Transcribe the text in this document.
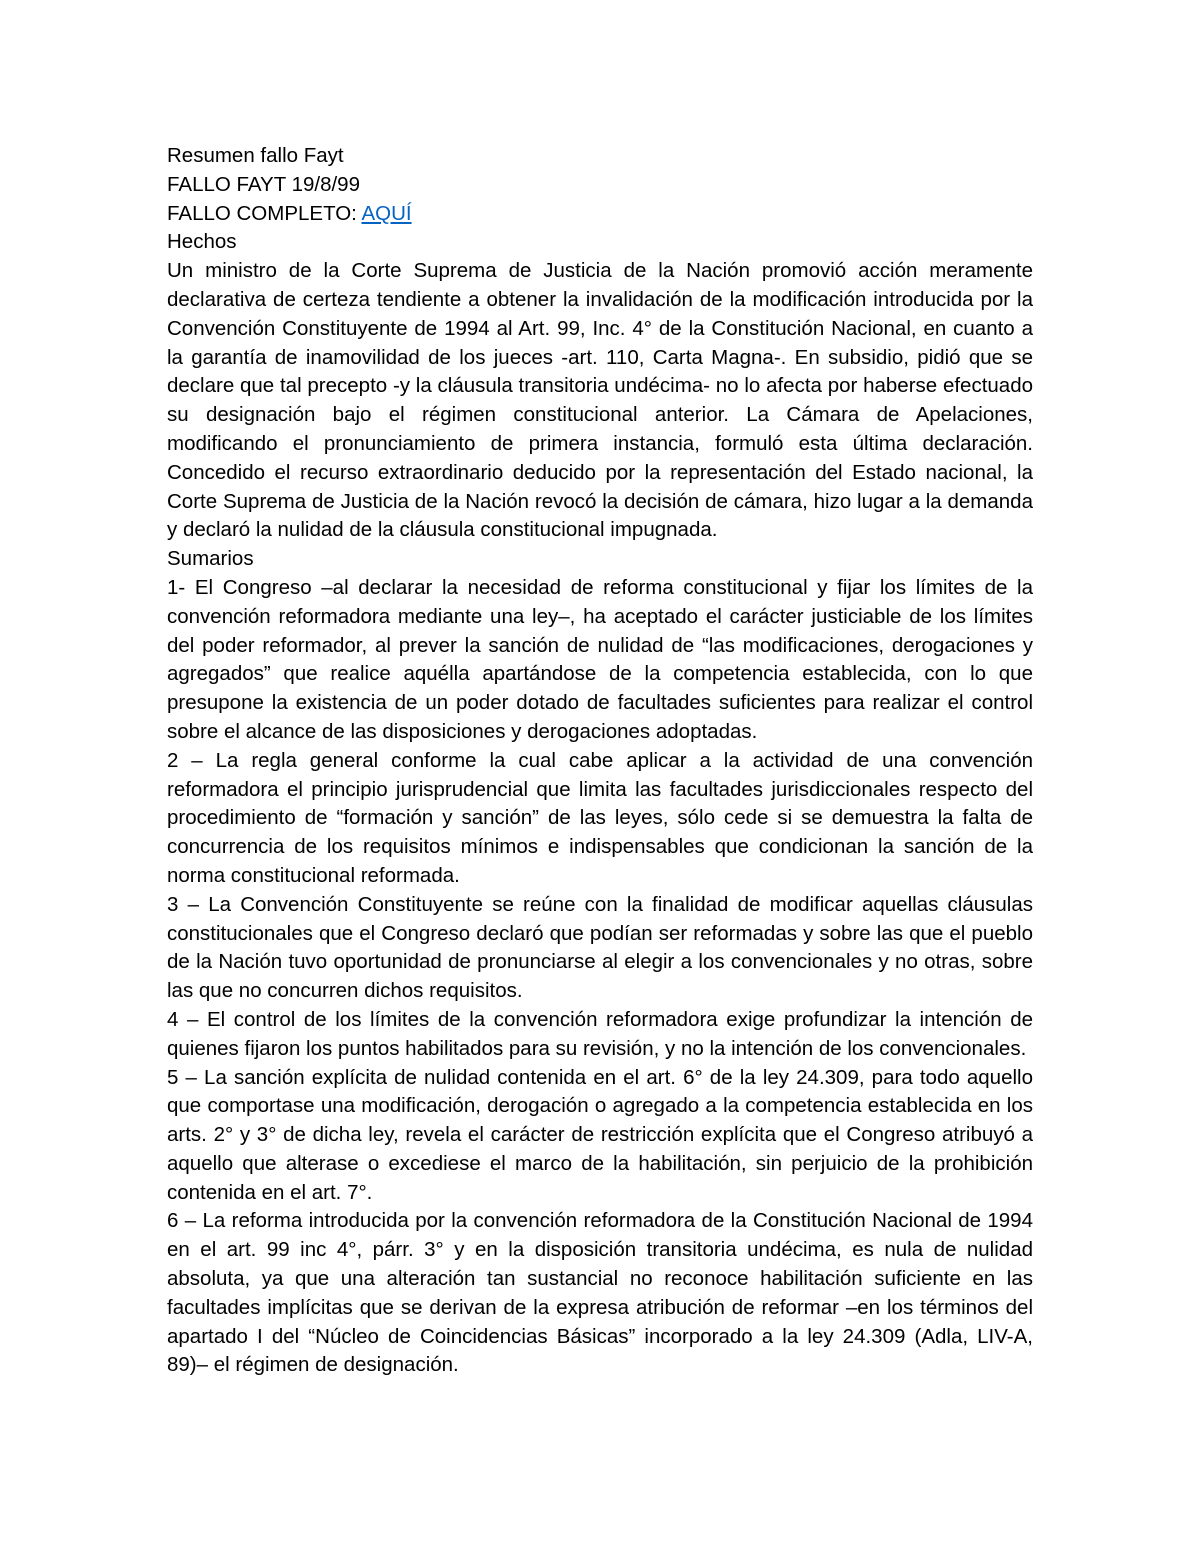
Resumen fallo Fayt

FALLO FAYT 19/8/99

FALLO COMPLETO: AQUÍ

Hechos

Un ministro de la Corte Suprema de Justicia de la Nación promovió acción meramente declarativa de certeza tendiente a obtener la invalidación de la modificación introducida por la Convención Constituyente de 1994 al Art. 99, Inc. 4° de la Constitución Nacional, en cuanto a la garantía de inamovilidad de los jueces -art. 110, Carta Magna-. En subsidio, pidió que se declare que tal precepto -y la cláusula transitoria undécima- no lo afecta por haberse efectuado su designación bajo el régimen constitucional anterior. La Cámara de Apelaciones, modificando el pronunciamiento de primera instancia, formuló esta última declaración. Concedido el recurso extraordinario deducido por la representación del Estado nacional, la Corte Suprema de Justicia de la Nación revocó la decisión de cámara, hizo lugar a la demanda y declaró la nulidad de la cláusula constitucional impugnada.

Sumarios

1- El Congreso –al declarar la necesidad de reforma constitucional y fijar los límites de la convención reformadora mediante una ley–, ha aceptado el carácter justiciable de los límites del poder reformador, al prever la sanción de nulidad de “las modificaciones, derogaciones y agregados” que realice aquélla apartándose de la competencia establecida, con lo que presupone la existencia de un poder dotado de facultades suficientes para realizar el control sobre el alcance de las disposiciones y derogaciones adoptadas.

2 – La regla general conforme la cual cabe aplicar a la actividad de una convención reformadora el principio jurisprudencial que limita las facultades jurisdiccionales respecto del procedimiento de “formación y sanción” de las leyes, sólo cede si se demuestra la falta de concurrencia de los requisitos mínimos e indispensables que condicionan la sanción de la norma constitucional reformada.

3 – La Convención Constituyente se reúne con la finalidad de modificar aquellas cláusulas constitucionales que el Congreso declaró que podían ser reformadas y sobre las que el pueblo de la Nación tuvo oportunidad de pronunciarse al elegir a los convencionales y no otras, sobre las que no concurren dichos requisitos.

4 – El control de los límites de la convención reformadora exige profundizar la intención de quienes fijaron los puntos habilitados para su revisión, y no la intención de los convencionales.

5 – La sanción explícita de nulidad contenida en el art. 6° de la ley 24.309, para todo aquello que comportase una modificación, derogación o agregado a la competencia establecida en los arts. 2° y 3° de dicha ley, revela el carácter de restricción explícita que el Congreso atribuyó a aquello que alterase o excediese el marco de la habilitación, sin perjuicio de la prohibición contenida en el art. 7°.

6 – La reforma introducida por la convención reformadora de la Constitución Nacional de 1994 en el art. 99 inc 4°, párr. 3° y en la disposición transitoria undécima, es nula de nulidad absoluta, ya que una alteración tan sustancial no reconoce habilitación suficiente en las facultades implícitas que se derivan de la expresa atribución de reformar –en los términos del apartado I del “Núcleo de Coincidencias Básicas” incorporado a la ley 24.309 (Adla, LIV-A, 89)– el régimen de designación.
